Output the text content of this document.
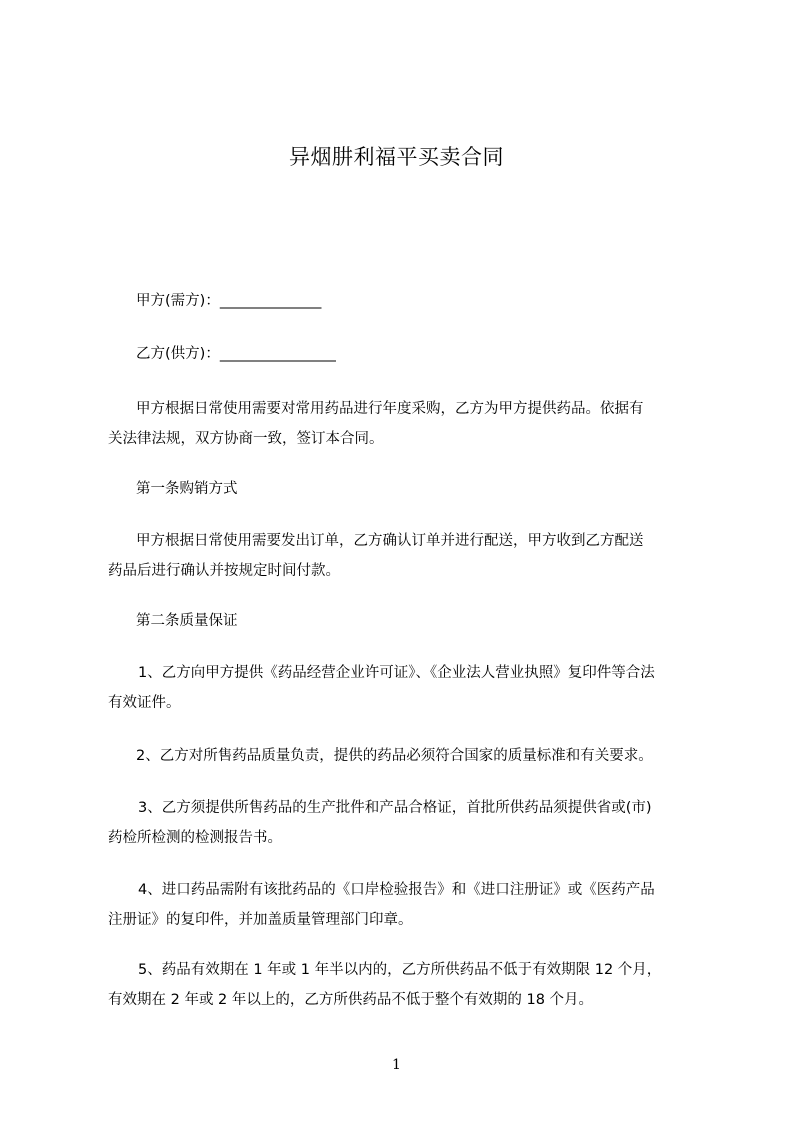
异烟肼利福平买卖合同
甲方(需方)：______________
乙方(供方)：________________
甲方根据日常使用需要对常用药品进行年度采购，乙方为甲方提供药品。依据有
关法律法规，双方协商一致，签订本合同。
第一条购销方式
甲方根据日常使用需要发出订单，乙方确认订单并进行配送，甲方收到乙方配送
药品后进行确认并按规定时间付款。
第二条质量保证
1、乙方向甲方提供《药品经营企业许可证》、《企业法人营业执照》复印件等合法
有效证件。
2、乙方对所售药品质量负责，提供的药品必须符合国家的质量标准和有关要求。
3、乙方须提供所售药品的生产批件和产品合格证，首批所供药品须提供省或(市)
药检所检测的检测报告书。
4、进口药品需附有该批药品的《口岸检验报告》和《进口注册证》或《医药产品
注册证》的复印件，并加盖质量管理部门印章。
5、药品有效期在 1 年或 1 年半以内的，乙方所供药品不低于有效期限 12 个月，
有效期在 2 年或 2 年以上的，乙方所供药品不低于整个有效期的 18 个月。
1
